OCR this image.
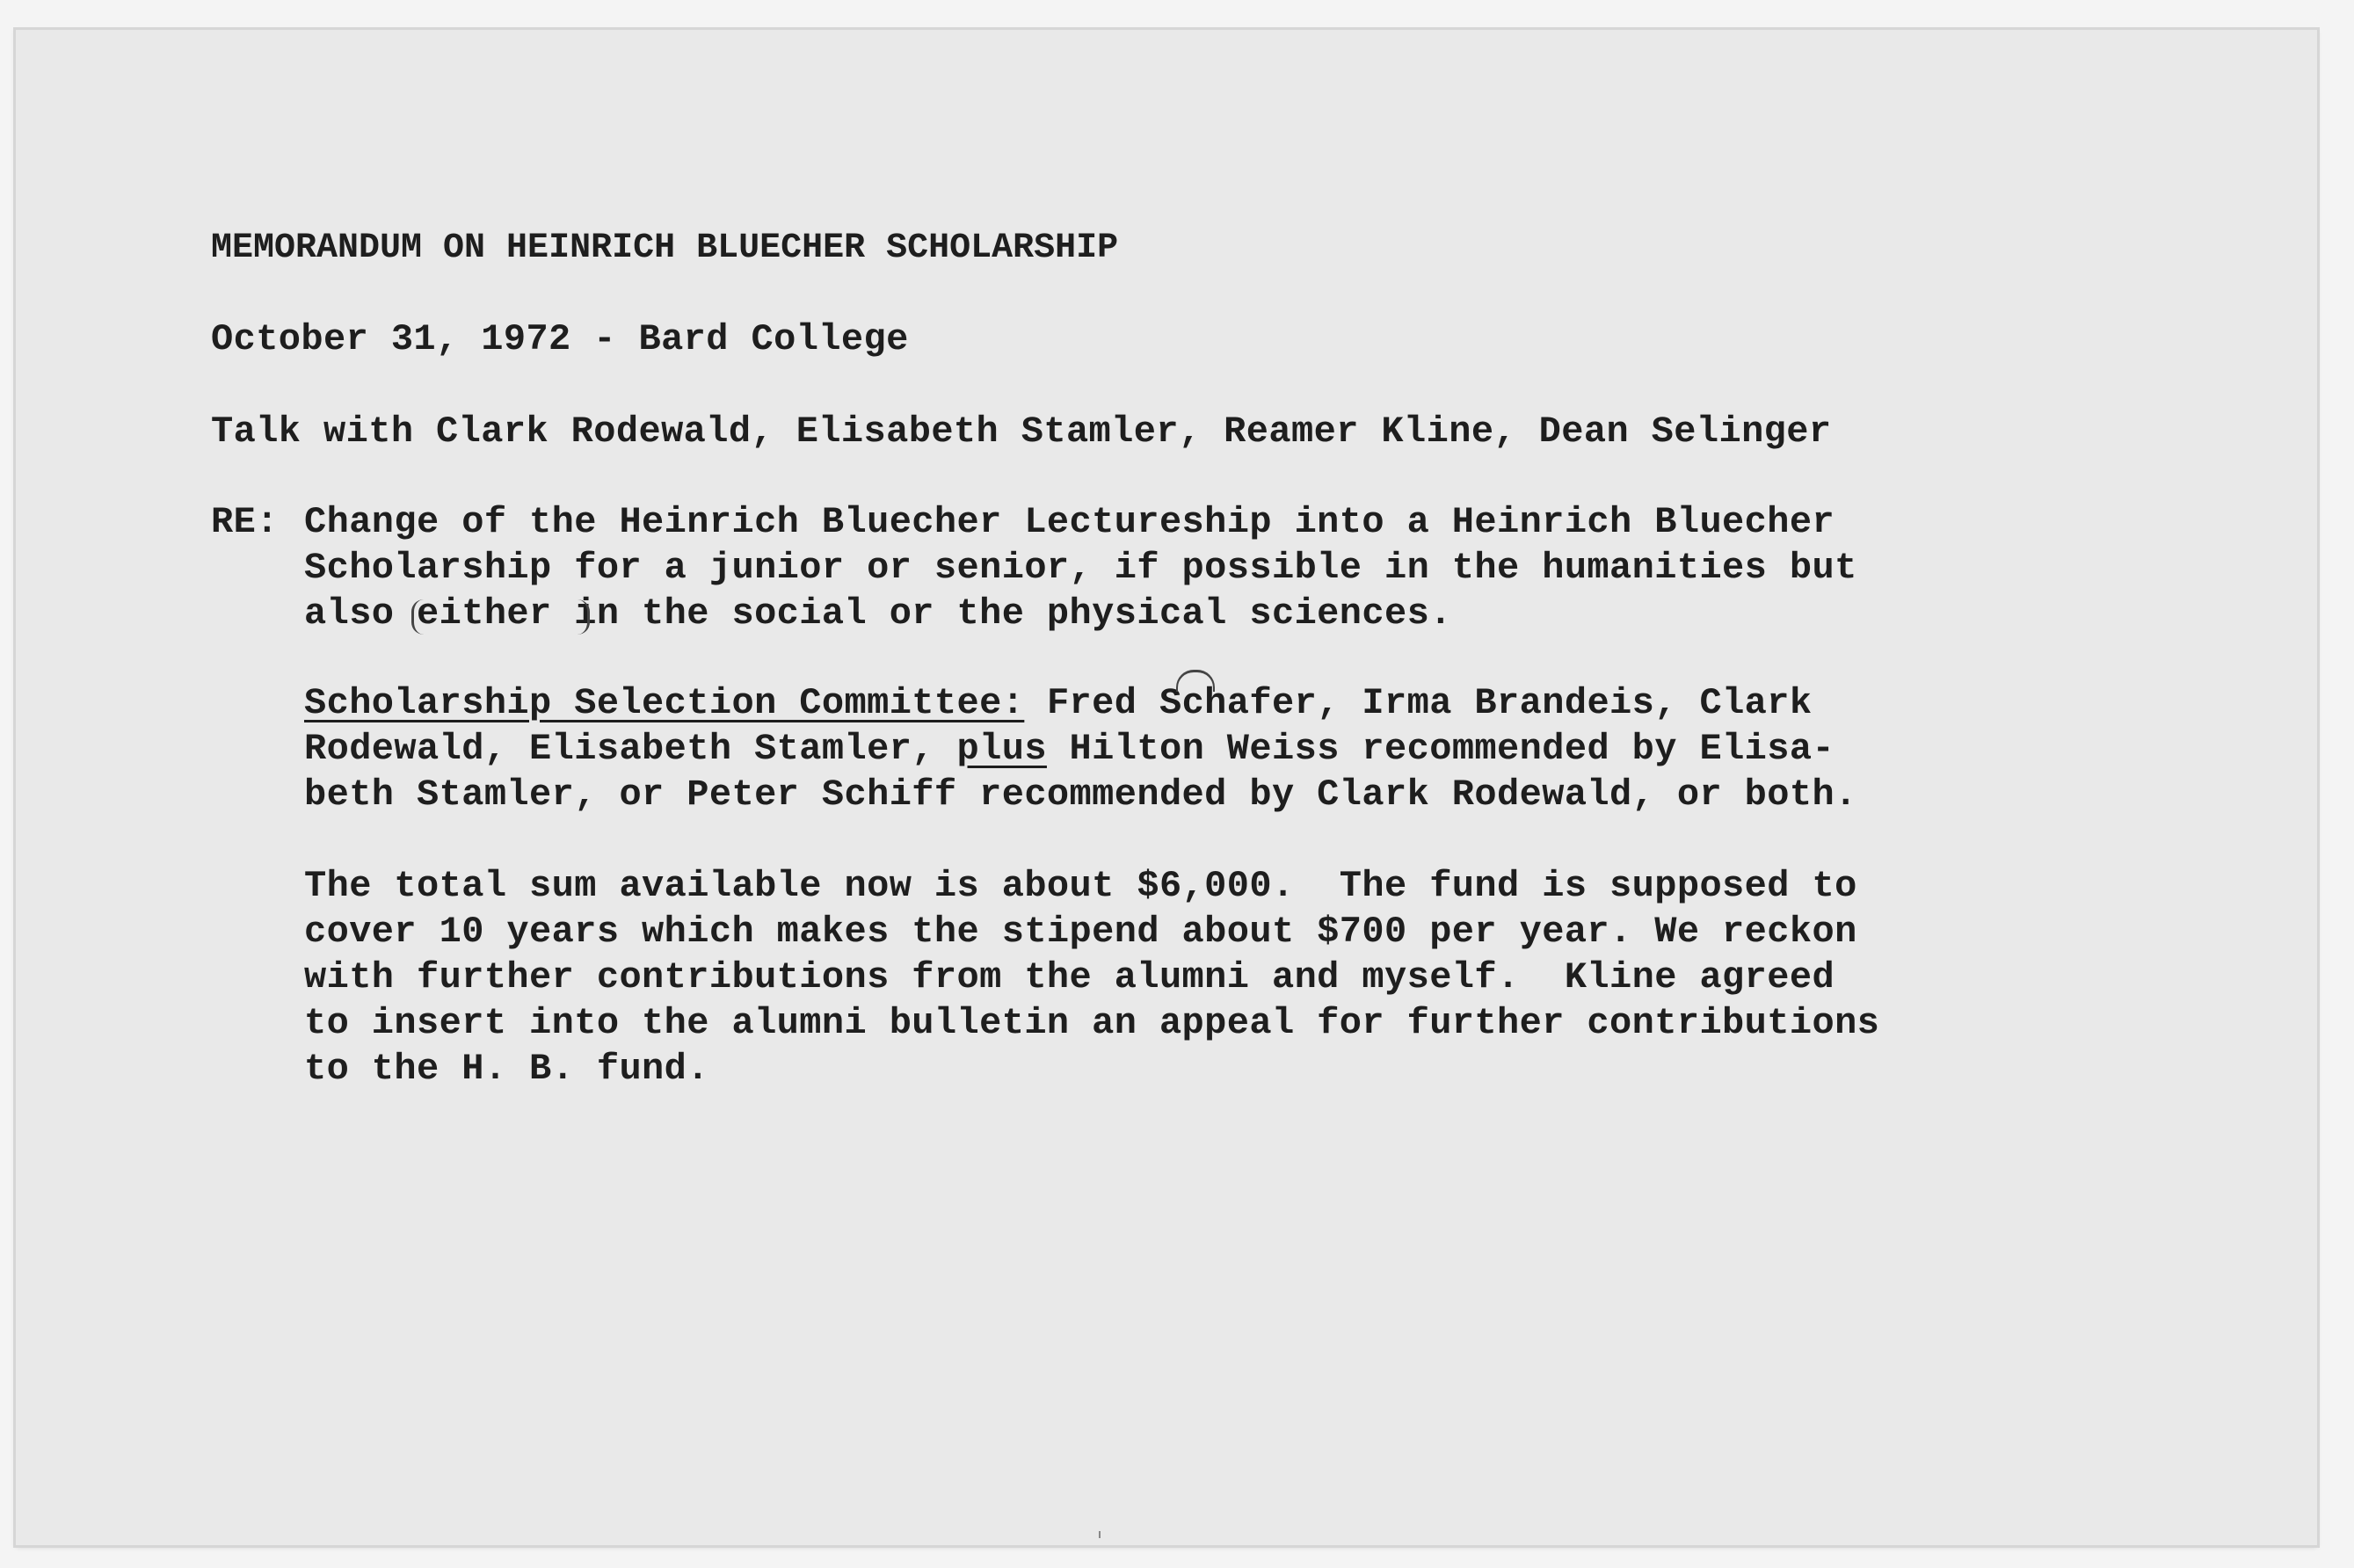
MEMORANDUM ON HEINRICH BLUECHER SCHOLARSHIP
October 31, 1972 - Bard College
Talk with Clark Rodewald, Elisabeth Stamler, Reamer Kline, Dean Selinger
RE: Change of the Heinrich Bluecher Lectureship into a Heinrich Bluecher
Scholarship for a junior or senior, if possible in the humanities but
also either in the social or the physical sciences.
Scholarship Selection Committee: Fred Schafer, Irma Brandeis, Clark
Rodewald, Elisabeth Stamler, plus Hilton Weiss recommended by Elisa-
beth Stamler, or Peter Schiff recommended by Clark Rodewald, or both.
The total sum available now is about $6,000.  The fund is supposed to
cover 10 years which makes the stipend about $700 per year. We reckon
with further contributions from the alumni and myself.  Kline agreed
to insert into the alumni bulletin an appeal for further contributions
to the H. B. fund.
